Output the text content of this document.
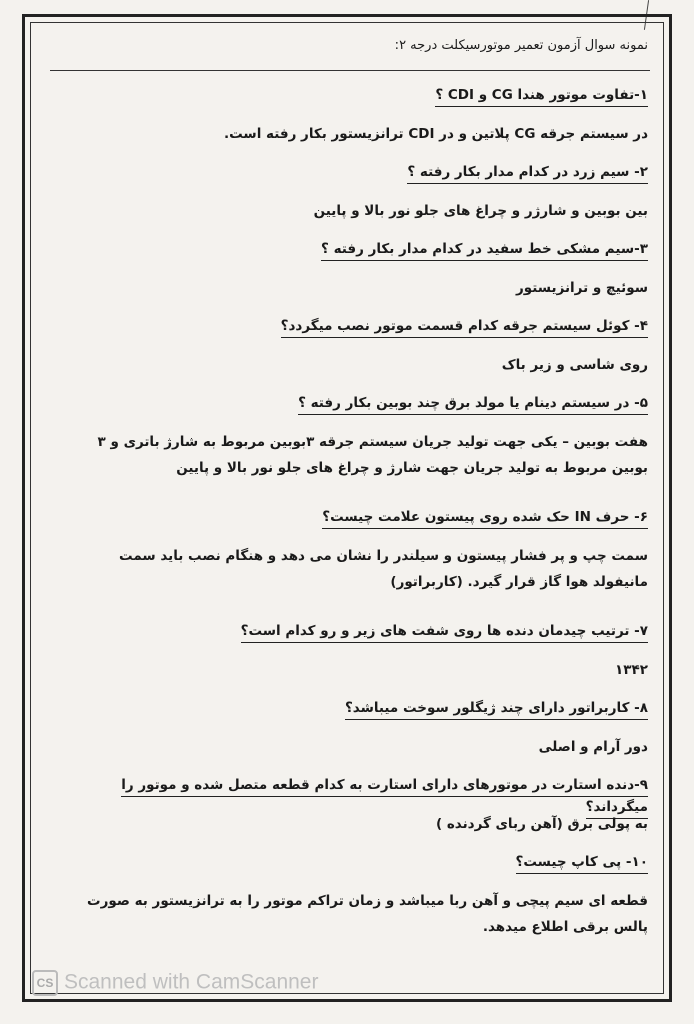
نمونه سوال آزمون تعمیر موتورسیکلت درجه ۲:
۱-تفاوت موتور هندا CG و CDI ؟
در سیستم جرقه CG پلاتین و در CDI ترانزیستور بکار رفته است.
۲- سیم زرد در کدام مدار بکار رفته ؟
بین بوبین و شارژر و چراغ های جلو نور بالا و پایین
۳-سیم مشکی خط سفید در کدام مدار بکار رفته ؟
سوئیچ و ترانزیستور
۴- کوئل سیستم جرقه کدام قسمت موتور نصب میگردد؟
روی شاسی و زیر باک
۵- در سیستم دینام یا مولد برق چند بوبین بکار رفته ؟
هفت بوبین – یکی جهت تولید جریان سیستم جرقه ۳بوبین مربوط به شارژ باتری و ۳ بوبین مربوط به تولید جریان جهت شارژ و چراغ های جلو نور بالا و پایین
۶- حرف IN حک شده روی پیستون علامت چیست؟
سمت چپ و پر فشار پیستون و سیلندر را نشان می دهد و هنگام نصب باید سمت مانیفولد هوا گاز قرار گیرد. (کاربراتور)
۷- ترتیب چیدمان دنده ها روی شفت های زیر و رو کدام است؟
۱۳۴۲
۸- کاربراتور دارای چند ژیگلور سوخت میباشد؟
دور آرام و اصلی
۹-دنده استارت در موتورهای دارای استارت به کدام قطعه متصل شده و موتور را میگرداند؟
به پولی برق (آهن ربای گردنده )
۱۰- پی کاپ چیست؟
قطعه ای سیم پیچی و آهن ربا میباشد و زمان تراکم موتور را به ترانزیستور به صورت پالس برقی اطلاع میدهد.
CS Scanned with CamScanner
